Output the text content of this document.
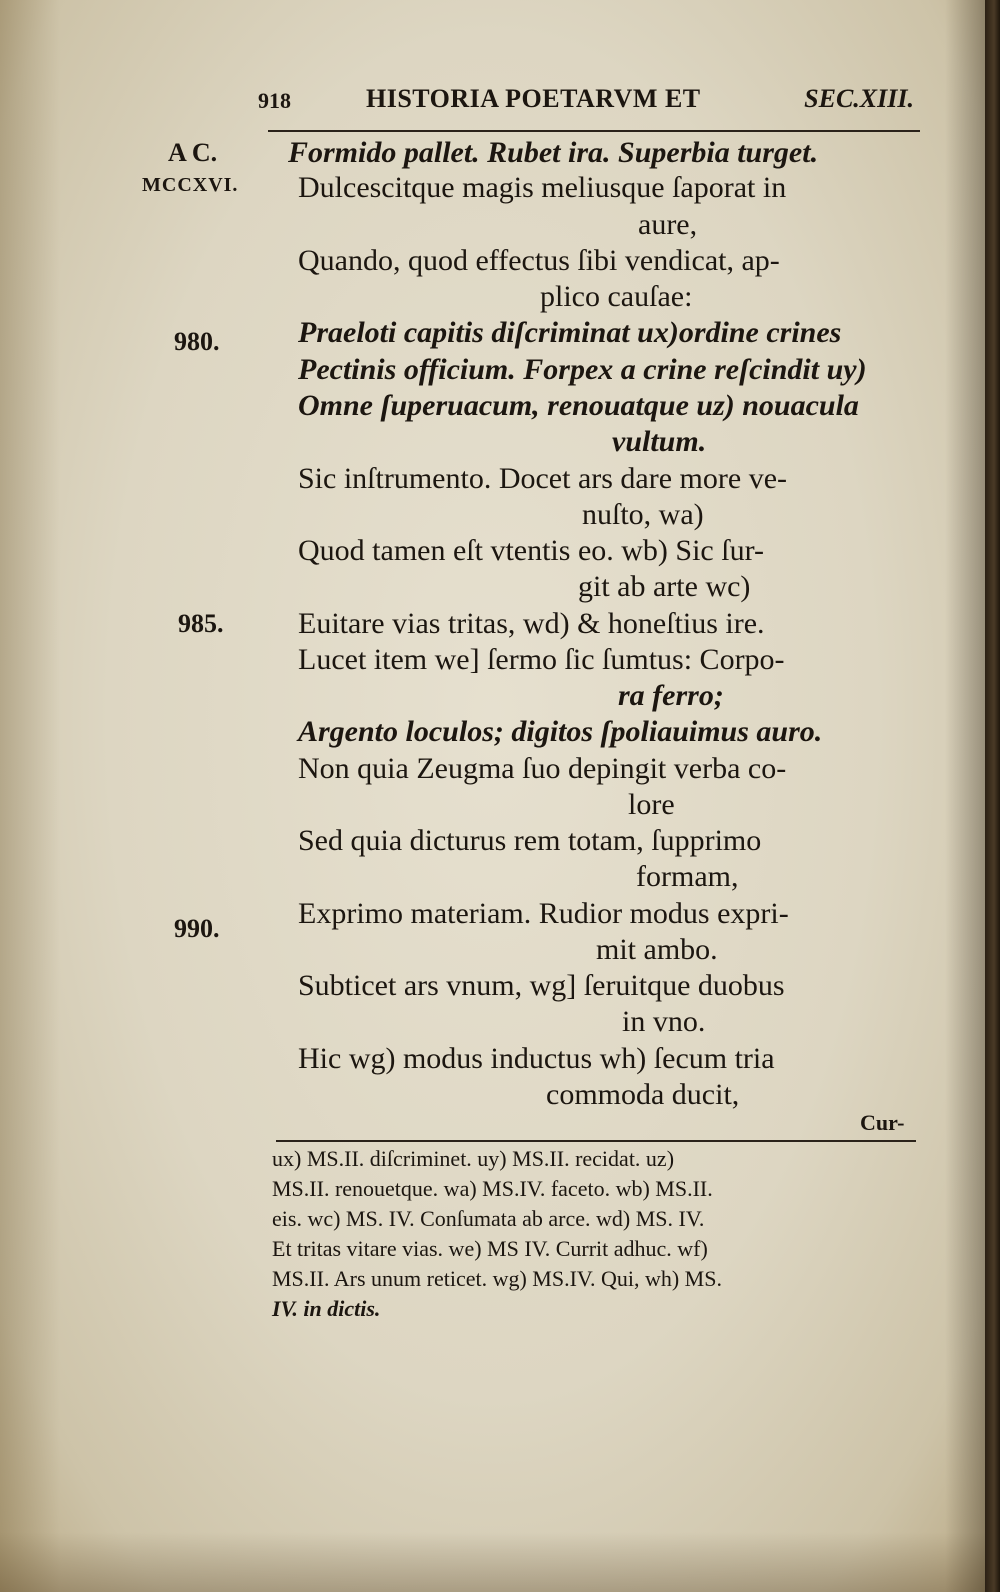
918	HISTORIA POETARVM ET	SEC.XIII.
A C.
MCCXVI.
980.
985.
990.
Formido pallet. Rubet ira. Superbia turget.
Dulcescitque magis meliusque ſaporat in
aure,
Quando, quod effectus ſibi vendicat, ap-
plico cauſae:
Praeloti capitis diſcriminat ux)ordine crines
Pectinis officium. Forpex a crine reſcindit uy)
Omne ſuperuacum, renouatque uz) nouacula
vultum.
Sic inſtrumento. Docet ars dare more ve-
nuſto, wa)
Quod tamen eſt vtentis eo. wb) Sic ſur-
git ab arte wc)
Euitare vias tritas, wd) & honeſtius ire.
Lucet item we] ſermo ſic ſumtus: Corpo-
ra ferro;
Argento loculos; digitos ſpoliauimus auro.
Non quia Zeugma ſuo depingit verba co-
lore
Sed quia dicturus rem totam, ſupprimo
formam,
Exprimo materiam. Rudior modus expri-
mit ambo.
Subticet ars vnum, wg] ſeruitque duobus
in vno.
Hic wg) modus inductus wh) ſecum tria
commoda ducit,
Cur-
ux) MS.II. diſcriminet. uy) MS.II. recidat. uz)
MS.II. renouetque. wa) MS.IV. faceto. wb) MS.II.
eis. wc) MS. IV. Conſumata ab arce. wd) MS. IV.
Et tritas vitare vias. we) MS IV. Currit adhuc. wf)
MS.II. Ars unum reticet. wg) MS.IV. Qui, wh) MS.
IV. in dictis.
